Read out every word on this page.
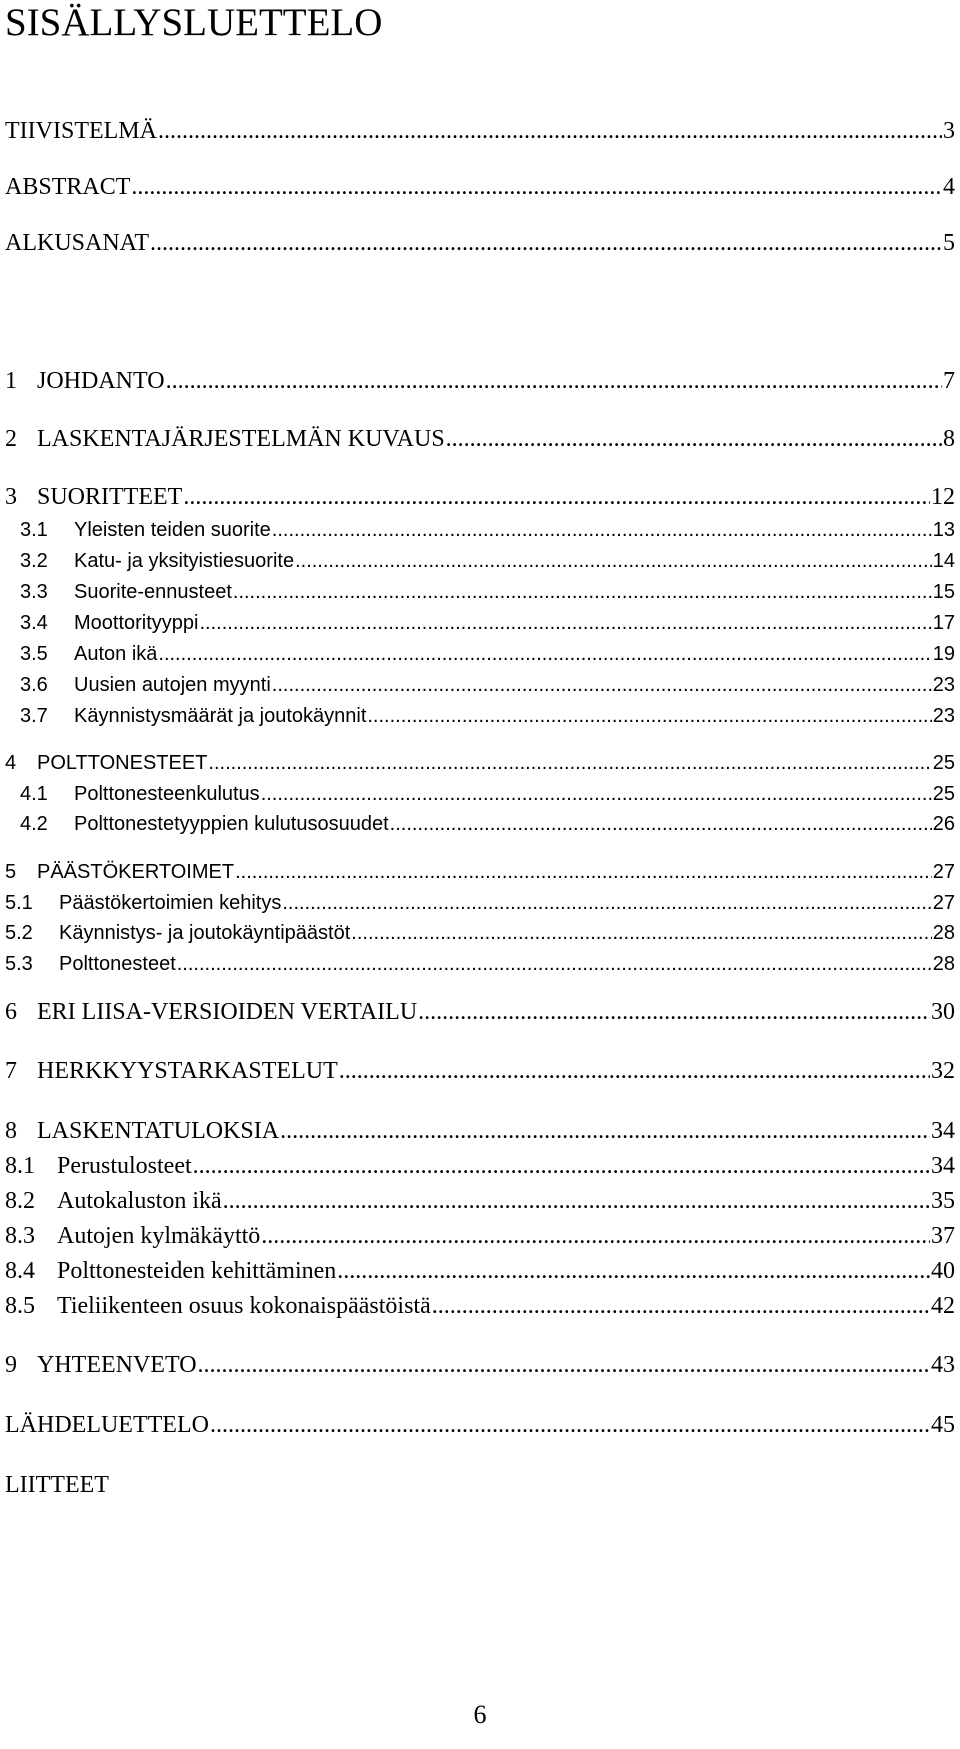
SISÄLLYSLUETTELO
TIIVISTELMÄ .....	3
ABSTRACT .....	4
ALKUSANAT .....	5
1 JOHDANTO .....	7
2 LASKENTAJÄRJESTELMÄN KUVAUS .....	8
3 SUORITTEET .....	12
3.1	Yleisten teiden suorite .....	13
3.2	Katu- ja yksityistiesuorite .....	14
3.3	Suorite-ennusteet .....	15
3.4	Moottorityyppi .....	17
3.5	Auton ikä .....	19
3.6	Uusien autojen myynti .....	23
3.7	Käynnistysmäärät ja joutokäynnit .....	23
4	POLTTONESTEET .....	25
4.1	Polttonesteenkulutus .....	25
4.2	Polttonestetyyppien kulutusosuudet .....	26
5	PÄÄSTÖKERTOIMET .....	27
5.1	Päästökertoimien kehitys .....	27
5.2	Käynnistys- ja joutokäyntipäästöt .....	28
5.3	Polttonesteet .....	28
6 ERI LIISA-VERSIOIDEN VERTAILU .....	30
7 HERKKYYSTARKASTELUT .....	32
8 LASKENTATULOKSIA .....	34
8.1 Perustulosteet .....	34
8.2 Autokaluston ikä .....	35
8.3 Autojen kylmäkäyttö .....	37
8.4 Polttonesteiden kehittäminen .....	40
8.5 Tieliikenteen osuus kokonaispäästöistä .....	42
9 YHTEENVETO .....	43
LÄHDELUETTELO .....	45
LIITTEET
6
